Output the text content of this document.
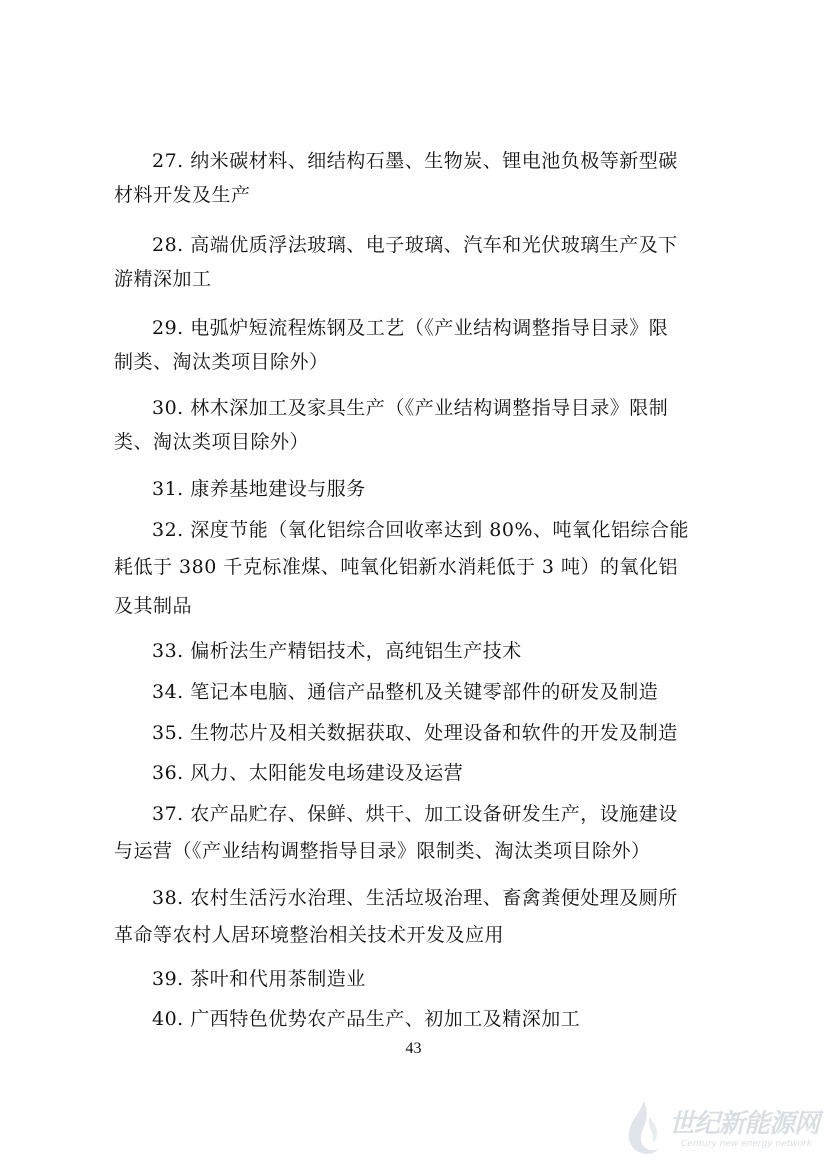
27. 纳米碳材料、细结构石墨、生物炭、锂电池负极等新型碳
材料开发及生产
28. 高端优质浮法玻璃、电子玻璃、汽车和光伏玻璃生产及下
游精深加工
29. 电弧炉短流程炼钢及工艺（《产业结构调整指导目录》限
制类、淘汰类项目除外）
30. 林木深加工及家具生产（《产业结构调整指导目录》限制
类、淘汰类项目除外）
31. 康养基地建设与服务
32. 深度节能（氧化铝综合回收率达到 80%、吨氧化铝综合能
耗低于 380 千克标准煤、吨氧化铝新水消耗低于 3 吨）的氧化铝
及其制品
33. 偏析法生产精铝技术，高纯铝生产技术
34. 笔记本电脑、通信产品整机及关键零部件的研发及制造
35. 生物芯片及相关数据获取、处理设备和软件的开发及制造
36. 风力、太阳能发电场建设及运营
37. 农产品贮存、保鲜、烘干、加工设备研发生产，设施建设
与运营（《产业结构调整指导目录》限制类、淘汰类项目除外）
38. 农村生活污水治理、生活垃圾治理、畜禽粪便处理及厕所
革命等农村人居环境整治相关技术开发及应用
39. 茶叶和代用茶制造业
40. 广西特色优势农产品生产、初加工及精深加工
43
世纪新能源网
Century new energy network
